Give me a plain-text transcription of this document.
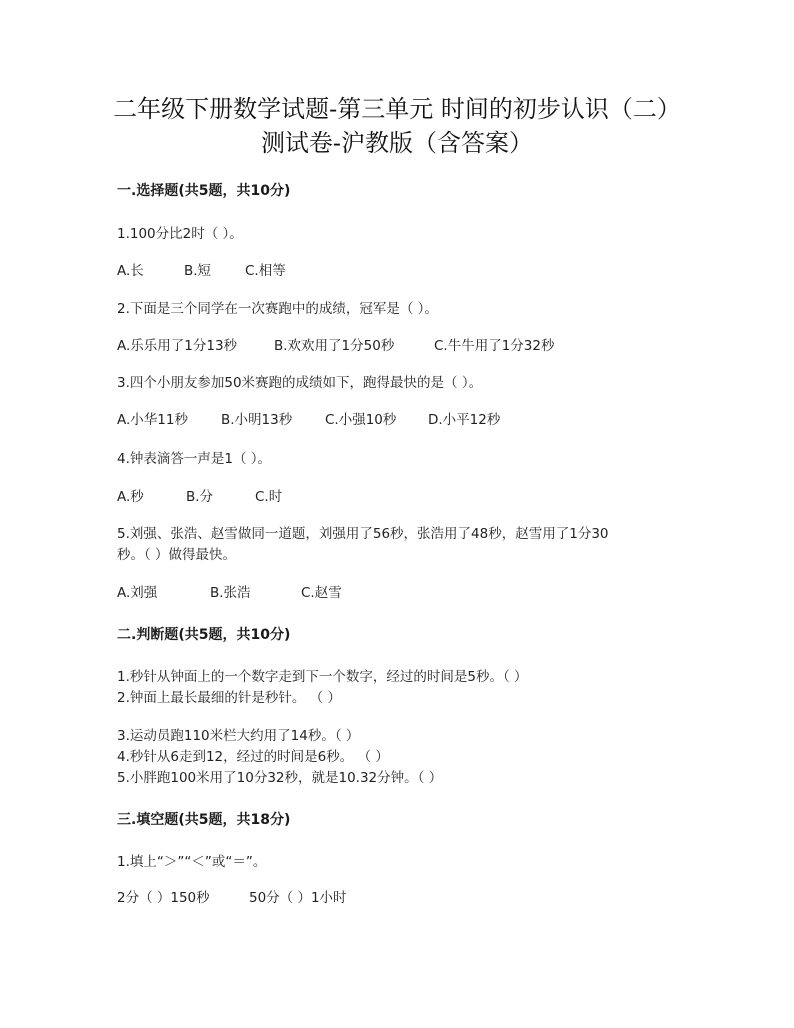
二年级下册数学试题-第三单元 时间的初步认识（二）
测试卷-沪教版（含答案）
一.选择题(共5题，共10分)
1.100分比2时（ ）。
A.长	B.短	C.相等
2.下面是三个同学在一次赛跑中的成绩，冠军是（ ）。
A.乐乐用了1分13秒	B.欢欢用了1分50秒	C.牛牛用了1分32秒
3.四个小朋友参加50米赛跑的成绩如下，跑得最快的是（ ）。
A.小华11秒 B.小明13秒 C.小强10秒 D.小平12秒
4.钟表滴答一声是1（ ）。
A.秒	B.分	C.时
5.刘强、张浩、赵雪做同一道题，刘强用了56秒，张浩用了48秒，赵雪用了1分30
秒。（ ）做得最快。
A.刘强	B.张浩	C.赵雪
二.判断题(共5题，共10分)
1.秒针从钟面上的一个数字走到下一个数字，经过的时间是5秒。（ ）
2.钟面上最长最细的针是秒针。 （ ）
3.运动员跑110米栏大约用了14秒。（ ）
4.秒针从6走到12，经过的时间是6秒。 （ ）
5.小胖跑100米用了10分32秒，就是10.32分钟。（ ）
三.填空题(共5题，共18分)
1.填上“＞”“＜”或“＝”。
2分（ ）150秒	50分（ ）1小时
